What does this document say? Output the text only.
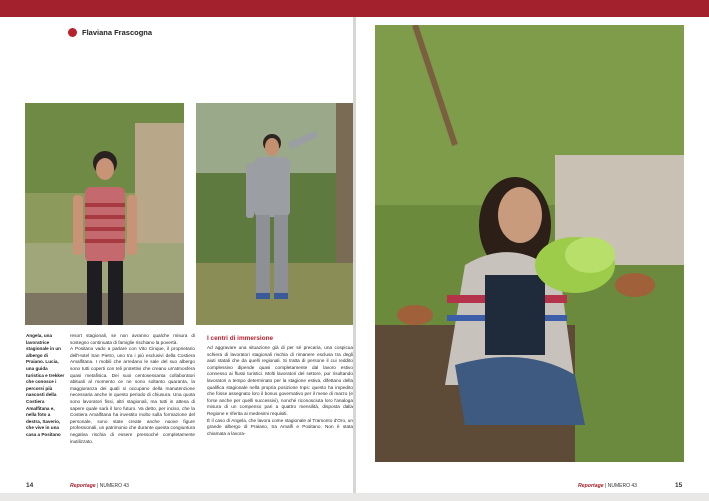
Flaviana Frascogna
Angela, una lavoratrice stagionale in un albergo di Praiano. Lucia, una guida turistica e trekker che conosce i percorsi più nascosti della Costiera Amalfitana e, nella foto a destra, Saverio, che vive in una casa a Positano
resort stagionali, se non avranno qualche misura di sostegno continuata di famiglie rischiano la povertà.
A Positano vado a parlare con Vito Cinque, il proprietario dell'Hotel San Pietro, uno tra i più esclusivi della Costiera Amalfitana. I mobili che arredano le sale del suo albergo sono tutti coperti con teli protettivi che creano un'atmosfera quasi metafisica. Dei suoi centosessanta collaboratori abituali al momento ce ne sono soltanto quaranta, la maggioranza dei quali si occupano della manutenzione necessaria anche in questo periodo di chiusura. Una quota sono lavoratori fissi, altri stagionali, ma tutti in attesa di sapere quale sarà il loro futuro. Va detto, per inciso, che la Costiera Amalfitana ha investito molto sulla formazione del personale, sono state create anche nuove figure professionali, un patrimonio che durante questa congiuntura negativa rischia di essere pressoché completamente inutilizzato.
I centri di immersione
Ad aggravare una situazione già di per sé precaria, una cospicua schiera di lavoratori stagionali rischia di rimanere esclusa tra degli aiuti statali che da quelli regionali. Si tratta di persone il cui reddito complessivo dipende quasi completamente dal lavoro estivo connesso ai flussi turistici. Molti lavoratori del settore, pur risultando lavoratori a tempo determinato per la stagione estiva, difettano della qualifica stagionale nella propria posizione Inps: questo ha impedito che fosse assegnato loro il bonus governativo per il mese di marzo (e forse anche per quelli successivi), nonché riconosciuta loro l'analoga misura di un compenso pari a quattro mensilità, disposta dalla Regione e riferita ai medesimi requisiti.
È il caso di Angela, che lavora come stagionale al Tramonto d'Oro, un grande albergo di Praiano, tra Amalfi e Positano. Non è stata chiamata a lavora-
14	Reportage | NUMERO 43	Reportage | NUMERO 43	15
